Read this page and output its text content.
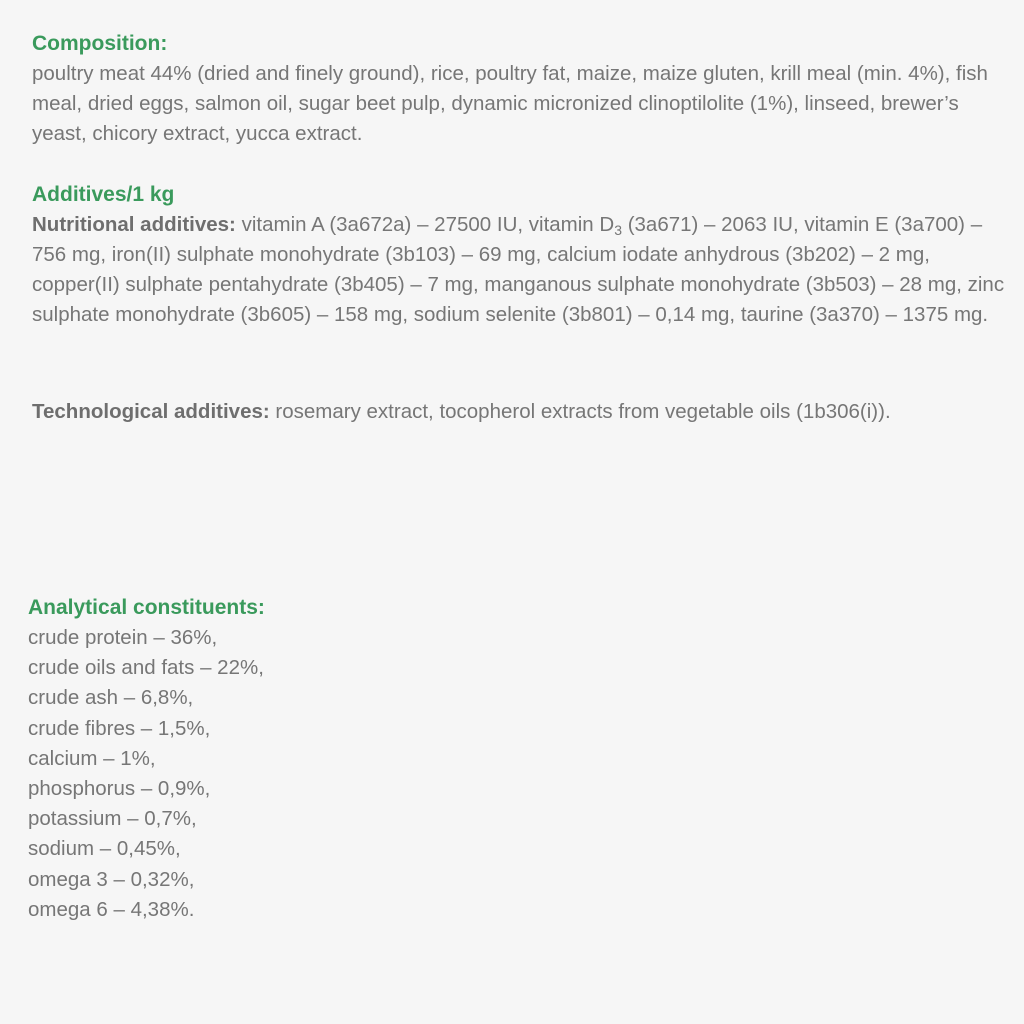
Composition:

poultry meat 44% (dried and finely ground), rice, poultry fat, maize, maize gluten, krill meal (min. 4%), fish meal, dried eggs, salmon oil, sugar beet pulp, dynamic micronized clinoptilolite (1%), linseed, brewer’s yeast, chicory extract, yucca extract.

Additives/1 kg

Nutritional additives: vitamin A (3a672a) – 27500 IU, vitamin $D_3$ (3a671) – 2063 IU, vitamin E (3a700) – 756 mg, iron(II) sulphate monohydrate (3b103) – 69 mg, calcium iodate anhydrous (3b202) – 2 mg, copper(II) sulphate pentahydrate (3b405) – 7 mg, manganous sulphate monohydrate (3b503) – 28 mg, zinc sulphate monohydrate (3b605) – 158 mg, sodium selenite (3b801) – 0,14 mg, taurine (3a370) – 1375 mg.

Technological additives: rosemary extract, tocopherol extracts from vegetable oils (1b306(i)).

Analytical constituents:
crude protein – 36%,
crude oils and fats – 22%,
crude ash – 6,8%,
crude fibres – 1,5%,
calcium – 1%,
phosphorus – 0,9%,
potassium – 0,7%,
sodium – 0,45%,
omega 3 – 0,32%,
omega 6 – 4,38%.
